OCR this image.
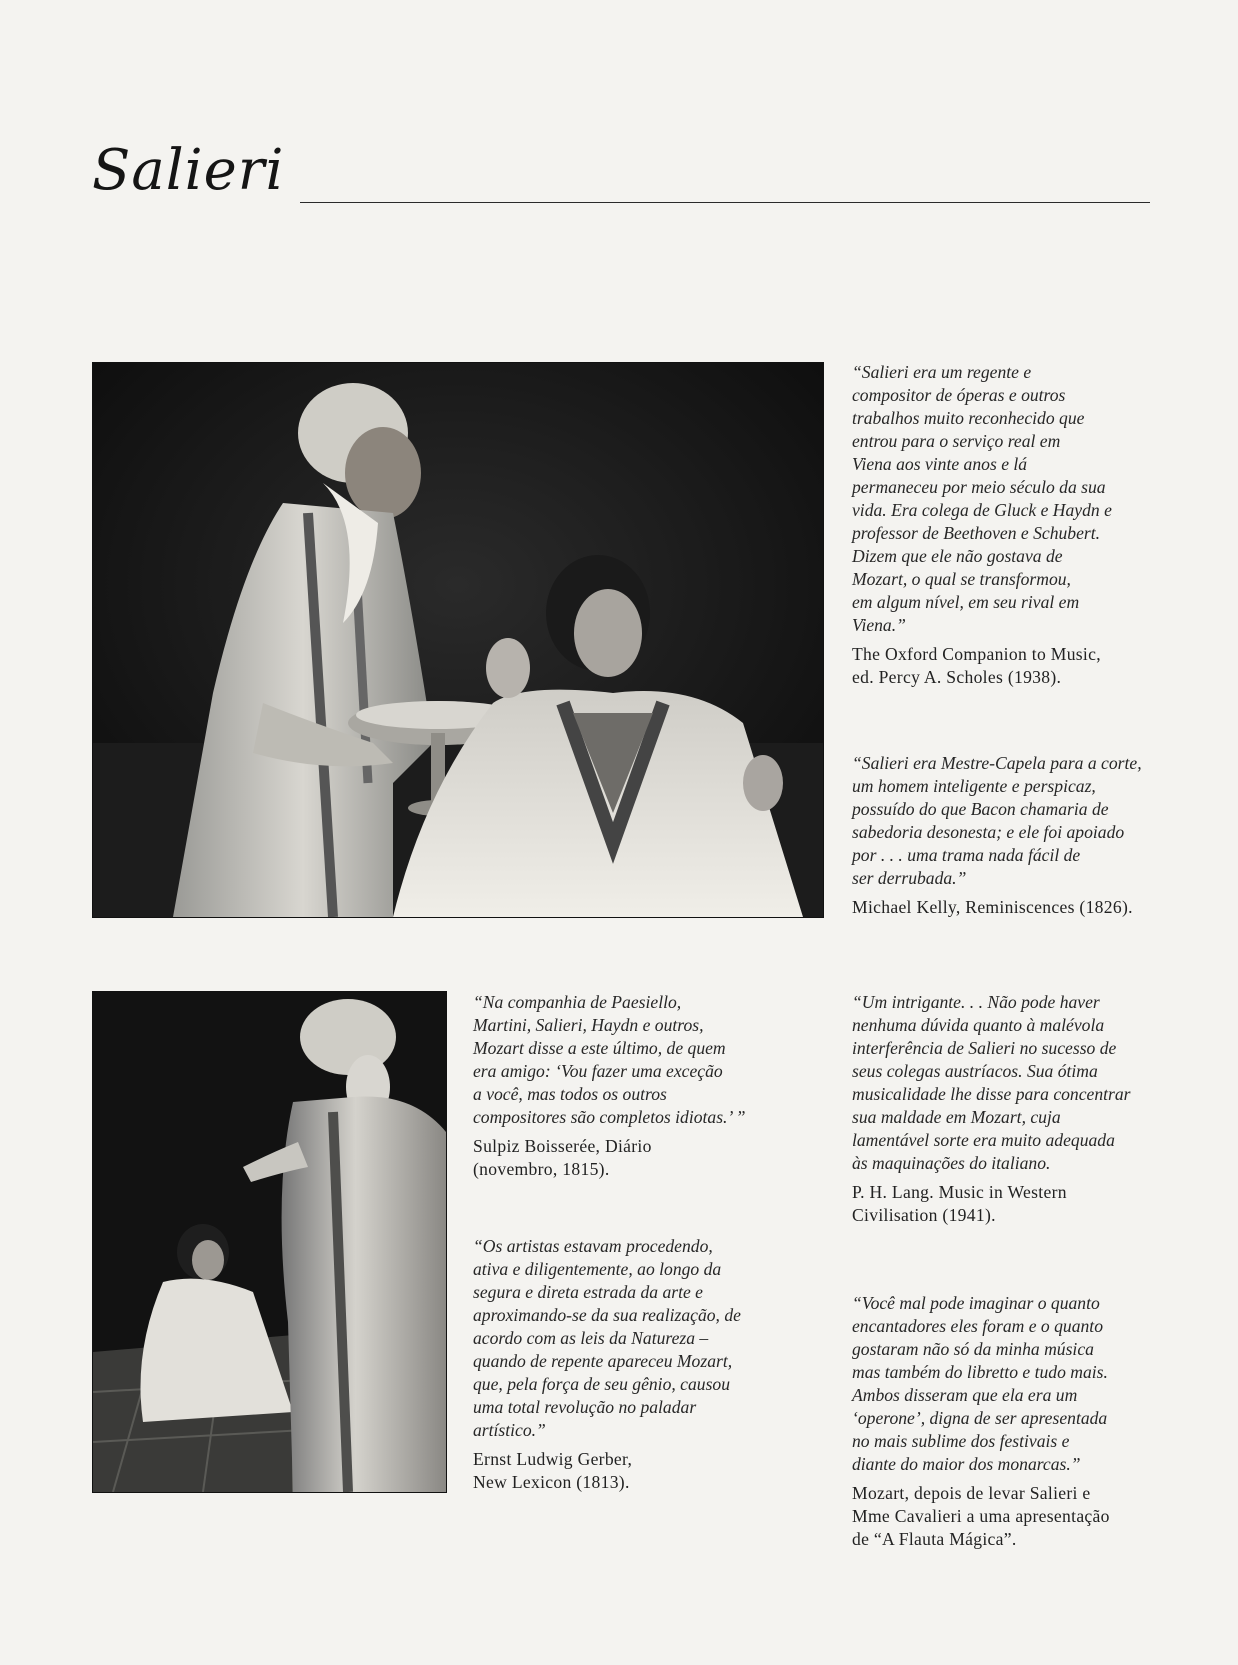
Salieri

“Salieri era um regente e
compositor de óperas e outros
trabalhos muito reconhecido que
entrou para o serviço real em
Viena aos vinte anos e lá
permaneceu por meio século da sua
vida. Era colega de Gluck e Haydn e
professor de Beethoven e Schubert.
Dizem que ele não gostava de
Mozart, o qual se transformou,
em algum nível, em seu rival em
Viena.”

The Oxford Companion to Music,
ed. Percy A. Scholes (1938).

“Salieri era Mestre-Capela para a corte,
um homem inteligente e perspicaz,
possuído do que Bacon chamaria de
sabedoria desonesta; e ele foi apoiado
por . . . uma trama nada fácil de
ser derrubada.”

Michael Kelly, Reminiscences (1826).

“Na companhia de Paesiello,
Martini, Salieri, Haydn e outros,
Mozart disse a este último, de quem
era amigo: ‘Vou fazer uma exceção
a você, mas todos os outros
compositores são completos idiotas.’ ”

Sulpiz Boisserée, Diário
(novembro, 1815).

“Os artistas estavam procedendo,
ativa e diligentemente, ao longo da
segura e direta estrada da arte e
aproximando-se da sua realização, de
acordo com as leis da Natureza –
quando de repente apareceu Mozart,
que, pela força de seu gênio, causou
uma total revolução no paladar
artístico.”

Ernst Ludwig Gerber,
New Lexicon (1813).

“Um intrigante. . . Não pode haver
nenhuma dúvida quanto à malévola
interferência de Salieri no sucesso de
seus colegas austríacos. Sua ótima
musicalidade lhe disse para concentrar
sua maldade em Mozart, cuja
lamentável sorte era muito adequada
às maquinações do italiano.

P. H. Lang. Music in Western
Civilisation (1941).

“Você mal pode imaginar o quanto
encantadores eles foram e o quanto
gostaram não só da minha música
mas também do libretto e tudo mais.
Ambos disseram que ela era um
‘operone’, digna de ser apresentada
no mais sublime dos festivais e
diante do maior dos monarcas.”

Mozart, depois de levar Salieri e
Mme Cavalieri a uma apresentação
de “A Flauta Mágica”.
